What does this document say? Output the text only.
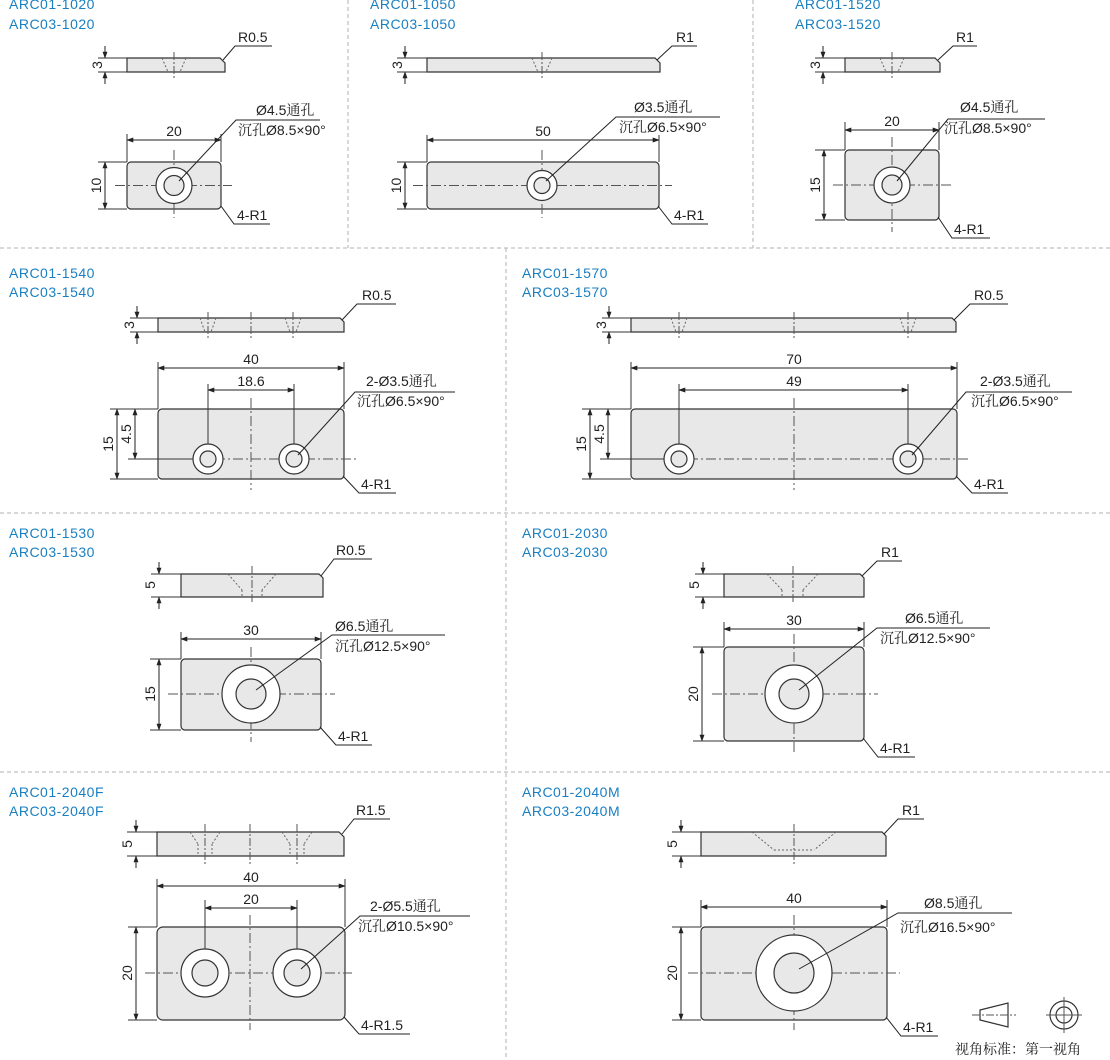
ARC01-1020
ARC03-1020
3
R0.5
20
10
Ø4.5通孔
沉孔Ø8.5×90°
4-R1
ARC01-1050
ARC03-1050
3
R1
50
10
Ø3.5通孔
沉孔Ø6.5×90°
4-R1
ARC01-1520
ARC03-1520
3
R1
20
15
Ø4.5通孔
沉孔Ø8.5×90°
4-R1
ARC01-1540
ARC03-1540
3
R0.5
40
18.6
15
4.5
2-Ø3.5通孔
沉孔Ø6.5×90°
4-R1
ARC01-1570
ARC03-1570
3
R0.5
70
49
15
4.5
2-Ø3.5通孔
沉孔Ø6.5×90°
4-R1
ARC01-1530
ARC03-1530
5
R0.5
30
15
Ø6.5通孔
沉孔Ø12.5×90°
4-R1
ARC01-2030
ARC03-2030
5
R1
30
20
Ø6.5通孔
沉孔Ø12.5×90°
4-R1
ARC01-2040F
ARC03-2040F
5
R1.5
40
20
20
2-Ø5.5通孔
沉孔Ø10.5×90°
4-R1.5
ARC01-2040M
ARC03-2040M
5
R1
40
20
Ø8.5通孔
沉孔Ø16.5×90°
4-R1
视角标准：第一视角
